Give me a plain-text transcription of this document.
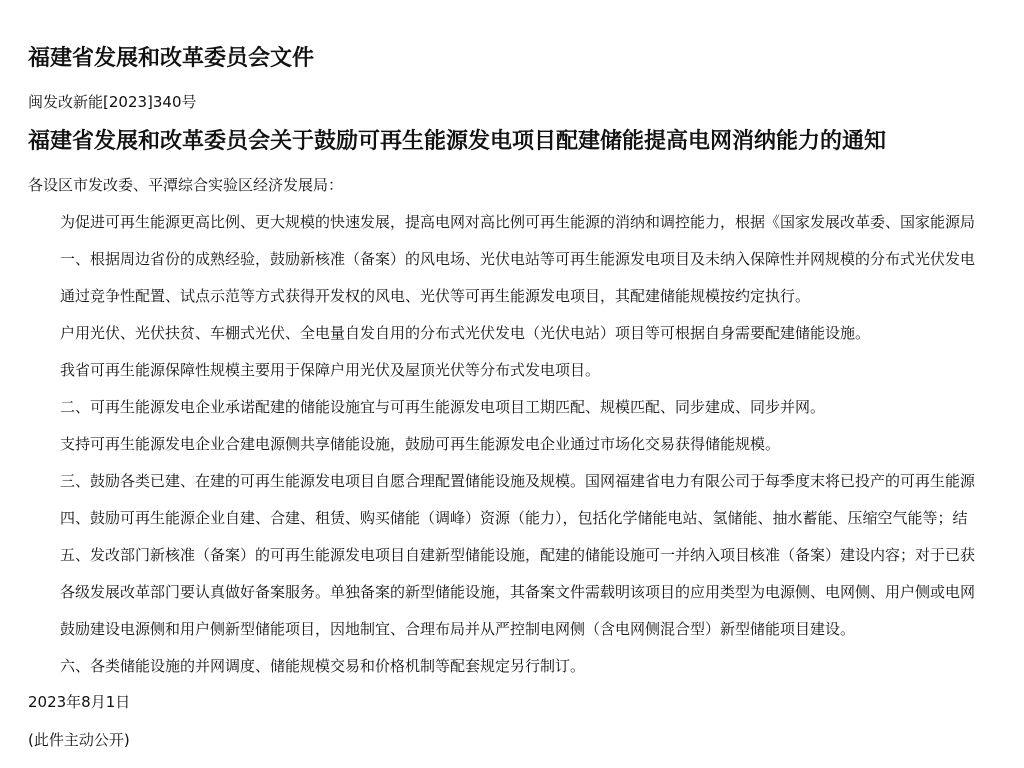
福建省发展和改革委员会文件
闽发改新能[2023]340号
福建省发展和改革委员会关于鼓励可再生能源发电项目配建储能提高电网消纳能力的通知
各设区市发改委、平潭综合实验区经济发展局：
为促进可再生能源更高比例、更大规模的快速发展，提高电网对高比例可再生能源的消纳和调控能力，根据《国家发展改革委、国家能源局
一、根据周边省份的成熟经验，鼓励新核准（备案）的风电场、光伏电站等可再生能源发电项目及未纳入保障性并网规模的分布式光伏发电
通过竞争性配置、试点示范等方式获得开发权的风电、光伏等可再生能源发电项目，其配建储能规模按约定执行。
户用光伏、光伏扶贫、车棚式光伏、全电量自发自用的分布式光伏发电（光伏电站）项目等可根据自身需要配建储能设施。
我省可再生能源保障性规模主要用于保障户用光伏及屋顶光伏等分布式发电项目。
二、可再生能源发电企业承诺配建的储能设施宜与可再生能源发电项目工期匹配、规模匹配、同步建成、同步并网。
支持可再生能源发电企业合建电源侧共享储能设施，鼓励可再生能源发电企业通过市场化交易获得储能规模。
三、鼓励各类已建、在建的可再生能源发电项目自愿合理配置储能设施及规模。国网福建省电力有限公司于每季度末将已投产的可再生能源
四、鼓励可再生能源企业自建、合建、租赁、购买储能（调峰）资源（能力），包括化学储能电站、氢储能、抽水蓄能、压缩空气能等；结
五、发改部门新核准（备案）的可再生能源发电项目自建新型储能设施，配建的储能设施可一并纳入项目核准（备案）建设内容；对于已获
各级发展改革部门要认真做好备案服务。单独备案的新型储能设施，其备案文件需载明该项目的应用类型为电源侧、电网侧、用户侧或电网
鼓励建设电源侧和用户侧新型储能项目，因地制宜、合理布局并从严控制电网侧（含电网侧混合型）新型储能项目建设。
六、各类储能设施的并网调度、储能规模交易和价格机制等配套规定另行制订。
2023年8月1日
(此件主动公开)
